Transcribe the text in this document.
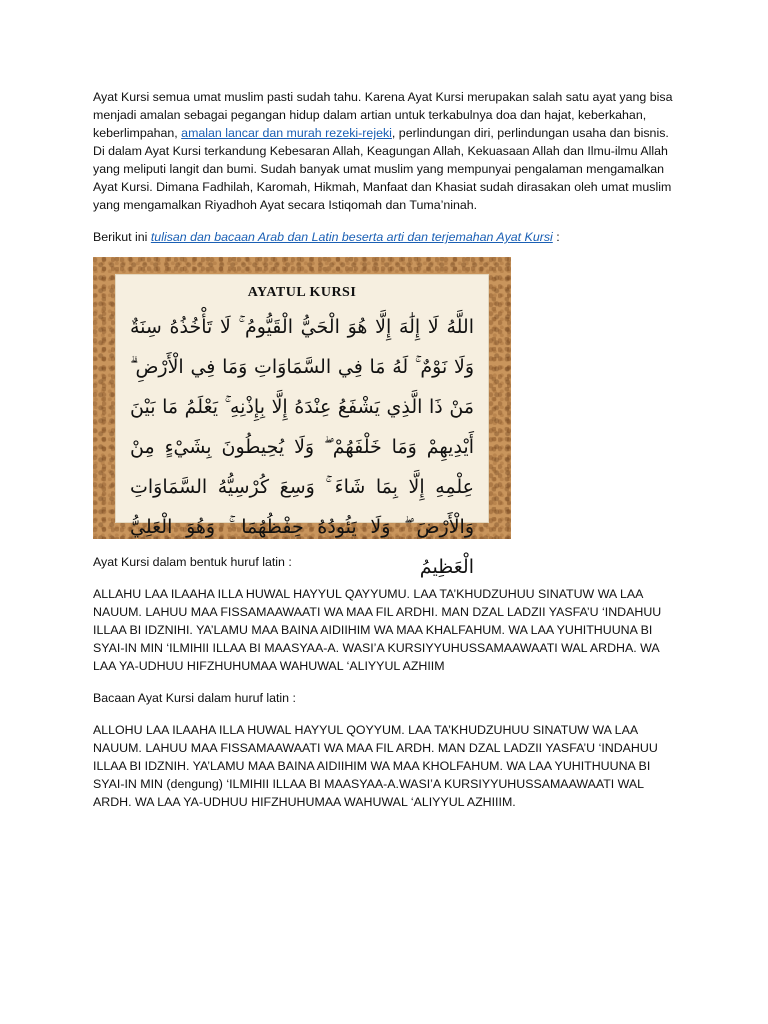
Ayat Kursi semua umat muslim pasti sudah tahu. Karena Ayat Kursi merupakan salah satu ayat yang bisa menjadi amalan sebagai pegangan hidup dalam artian untuk terkabulnya doa dan hajat, keberkahan, keberlimpahan, amalan lancar dan murah rezeki-rejeki, perlindungan diri, perlindungan usaha dan bisnis. Di dalam Ayat Kursi terkandung Kebesaran Allah, Keagungan Allah, Kekuasaan Allah dan Ilmu-ilmu Allah yang meliputi langit dan bumi. Sudah banyak umat muslim yang mempunyai pengalaman mengamalkan Ayat Kursi. Dimana Fadhilah, Karomah, Hikmah, Manfaat dan Khasiat sudah dirasakan oleh umat muslim yang mengamalkan Riyadhoh Ayat secara Istiqomah dan Tuma’ninah.

Berikut ini tulisan dan bacaan Arab dan Latin beserta arti dan terjemahan Ayat Kursi :

AYATUL KURSI
اللَّهُ لَا إِلَٰهَ إِلَّا هُوَ الْحَيُّ الْقَيُّومُ ۚ لَا تَأْخُذُهُ سِنَةٌ وَلَا نَوْمٌ ۚ لَهُ مَا فِي السَّمَاوَاتِ وَمَا فِي الْأَرْضِ ۗ مَنْ ذَا الَّذِي يَشْفَعُ عِنْدَهُ إِلَّا بِإِذْنِهِ ۚ يَعْلَمُ مَا بَيْنَ أَيْدِيهِمْ وَمَا خَلْفَهُمْ ۖ وَلَا يُحِيطُونَ بِشَيْءٍ مِنْ عِلْمِهِ إِلَّا بِمَا شَاءَ ۚ وَسِعَ كُرْسِيُّهُ السَّمَاوَاتِ وَالْأَرْضَ ۖ وَلَا يَئُودُهُ حِفْظُهُمَا ۚ وَهُوَ الْعَلِيُّ الْعَظِيمُ

Ayat Kursi dalam bentuk huruf latin :

ALLAHU LAA ILAAHA ILLA HUWAL HAYYUL QAYYUMU. LAA TA’KHUDZUHUU SINATUW WA LAA NAUUM. LAHUU MAA FISSAMAAWAATI WA MAA FIL ARDHI. MAN DZAL LADZII YASFA’U ‘INDAHUU ILLAA BI IDZNIHI. YA’LAMU MAA BAINA AIDIIHIM WA MAA KHALFAHUM. WA LAA YUHITHUUNA BI SYAI-IN MIN ‘ILMIHII ILLAA BI MAASYAA-A. WASI’A KURSIYYUHUSSAMAAWAATI WAL ARDHA. WA LAA YA-UDHUU HIFZHUHUMAA WAHUWAL ‘ALIYYUL AZHIIM

Bacaan Ayat Kursi dalam huruf latin :

ALLOHU LAA ILAAHA ILLA HUWAL HAYYUL QOYYUM. LAA TA’KHUDZUHUU SINATUW WA LAA NAUUM. LAHUU MAA FISSAMAAWAATI WA MAA FIL ARDH. MAN DZAL LADZII YASFA’U ‘INDAHUU ILLAA BI IDZNIH. YA’LAMU MAA BAINA AIDIIHIM WA MAA KHOLFAHUM. WA LAA YUHITHUUNA BI SYAI-IN MIN (dengung) ‘ILMIHII ILLAA BI MAASYAA-A.WASI’A KURSIYYUHUSSAMAAWAATI WAL ARDH. WA LAA YA-UDHUU HIFZHUHUMAA WAHUWAL ‘ALIYYUL AZHIIIM.
